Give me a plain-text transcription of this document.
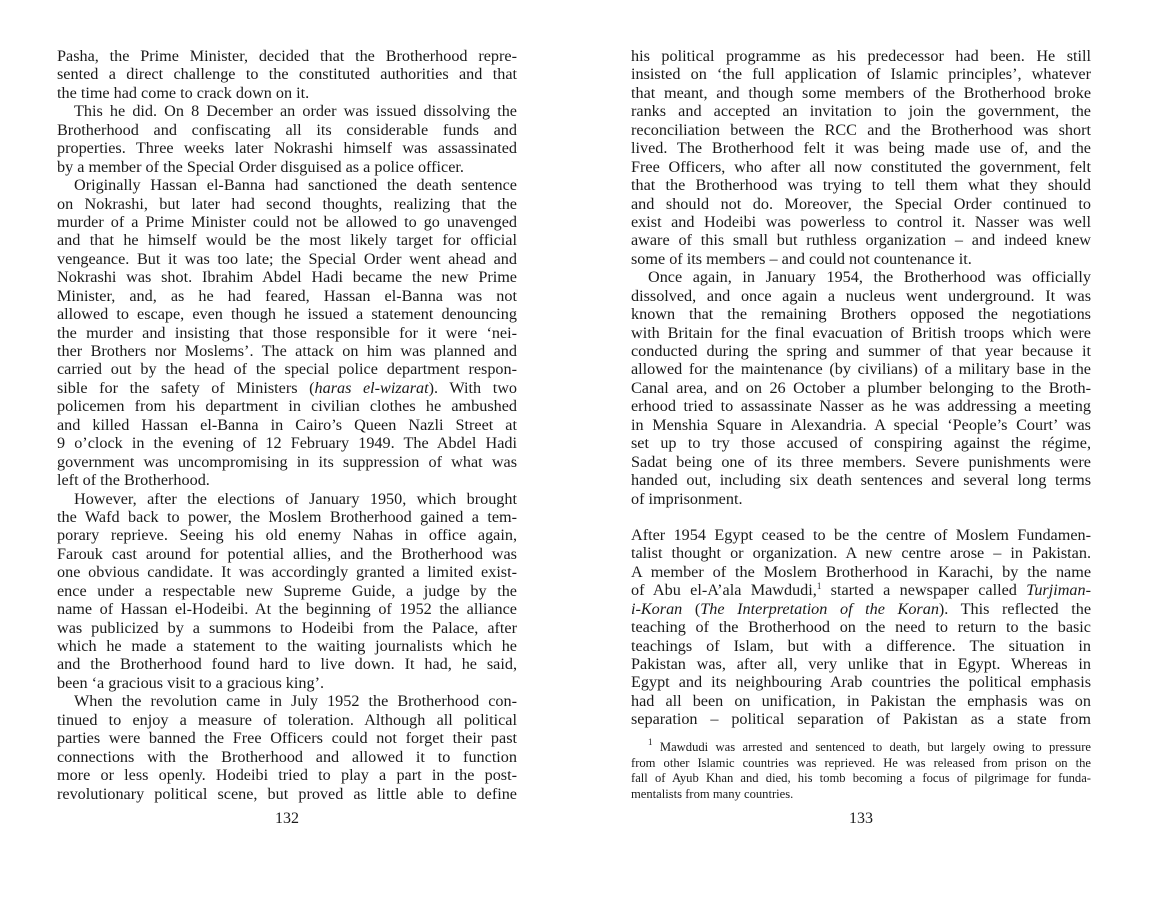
Pasha, the Prime Minister, decided that the Brotherhood repre-
sented a direct challenge to the constituted authorities and that
the time had come to crack down on it.
This he did. On 8 December an order was issued dissolving the
Brotherhood and confiscating all its considerable funds and
properties. Three weeks later Nokrashi himself was assassinated
by a member of the Special Order disguised as a police officer.
Originally Hassan el-Banna had sanctioned the death sentence
on Nokrashi, but later had second thoughts, realizing that the
murder of a Prime Minister could not be allowed to go unavenged
and that he himself would be the most likely target for official
vengeance. But it was too late; the Special Order went ahead and
Nokrashi was shot. Ibrahim Abdel Hadi became the new Prime
Minister, and, as he had feared, Hassan el-Banna was not
allowed to escape, even though he issued a statement denouncing
the murder and insisting that those responsible for it were ‘nei-
ther Brothers nor Moslems’. The attack on him was planned and
carried out by the head of the special police department respon-
sible for the safety of Ministers (haras el-wizarat). With two
policemen from his department in civilian clothes he ambushed
and killed Hassan el-Banna in Cairo’s Queen Nazli Street at
9 o’clock in the evening of 12 February 1949. The Abdel Hadi
government was uncompromising in its suppression of what was
left of the Brotherhood.
However, after the elections of January 1950, which brought
the Wafd back to power, the Moslem Brotherhood gained a tem-
porary reprieve. Seeing his old enemy Nahas in office again,
Farouk cast around for potential allies, and the Brotherhood was
one obvious candidate. It was accordingly granted a limited exist-
ence under a respectable new Supreme Guide, a judge by the
name of Hassan el-Hodeibi. At the beginning of 1952 the alliance
was publicized by a summons to Hodeibi from the Palace, after
which he made a statement to the waiting journalists which he
and the Brotherhood found hard to live down. It had, he said,
been ‘a gracious visit to a gracious king’.
When the revolution came in July 1952 the Brotherhood con-
tinued to enjoy a measure of toleration. Although all political
parties were banned the Free Officers could not forget their past
connections with the Brotherhood and allowed it to function
more or less openly. Hodeibi tried to play a part in the post-
revolutionary political scene, but proved as little able to define
132
his political programme as his predecessor had been. He still
insisted on ‘the full application of Islamic principles’, whatever
that meant, and though some members of the Brotherhood broke
ranks and accepted an invitation to join the government, the
reconciliation between the RCC and the Brotherhood was short
lived. The Brotherhood felt it was being made use of, and the
Free Officers, who after all now constituted the government, felt
that the Brotherhood was trying to tell them what they should
and should not do. Moreover, the Special Order continued to
exist and Hodeibi was powerless to control it. Nasser was well
aware of this small but ruthless organization – and indeed knew
some of its members – and could not countenance it.
Once again, in January 1954, the Brotherhood was officially
dissolved, and once again a nucleus went underground. It was
known that the remaining Brothers opposed the negotiations
with Britain for the final evacuation of British troops which were
conducted during the spring and summer of that year because it
allowed for the maintenance (by civilians) of a military base in the
Canal area, and on 26 October a plumber belonging to the Broth-
erhood tried to assassinate Nasser as he was addressing a meeting
in Menshia Square in Alexandria. A special ‘People’s Court’ was
set up to try those accused of conspiring against the régime,
Sadat being one of its three members. Severe punishments were
handed out, including six death sentences and several long terms
of imprisonment.
After 1954 Egypt ceased to be the centre of Moslem Fundamen-
talist thought or organization. A new centre arose – in Pakistan.
A member of the Moslem Brotherhood in Karachi, by the name
of Abu el-A’ala Mawdudi,$^1$ started a newspaper called Turjiman-
i-Koran (The Interpretation of the Koran). This reflected the
teaching of the Brotherhood on the need to return to the basic
teachings of Islam, but with a difference. The situation in
Pakistan was, after all, very unlike that in Egypt. Whereas in
Egypt and its neighbouring Arab countries the political emphasis
had all been on unification, in Pakistan the emphasis was on
separation – political separation of Pakistan as a state from
$^1$ Mawdudi was arrested and sentenced to death, but largely owing to pressure
from other Islamic countries was reprieved. He was released from prison on the
fall of Ayub Khan and died, his tomb becoming a focus of pilgrimage for funda-
mentalists from many countries.
133
